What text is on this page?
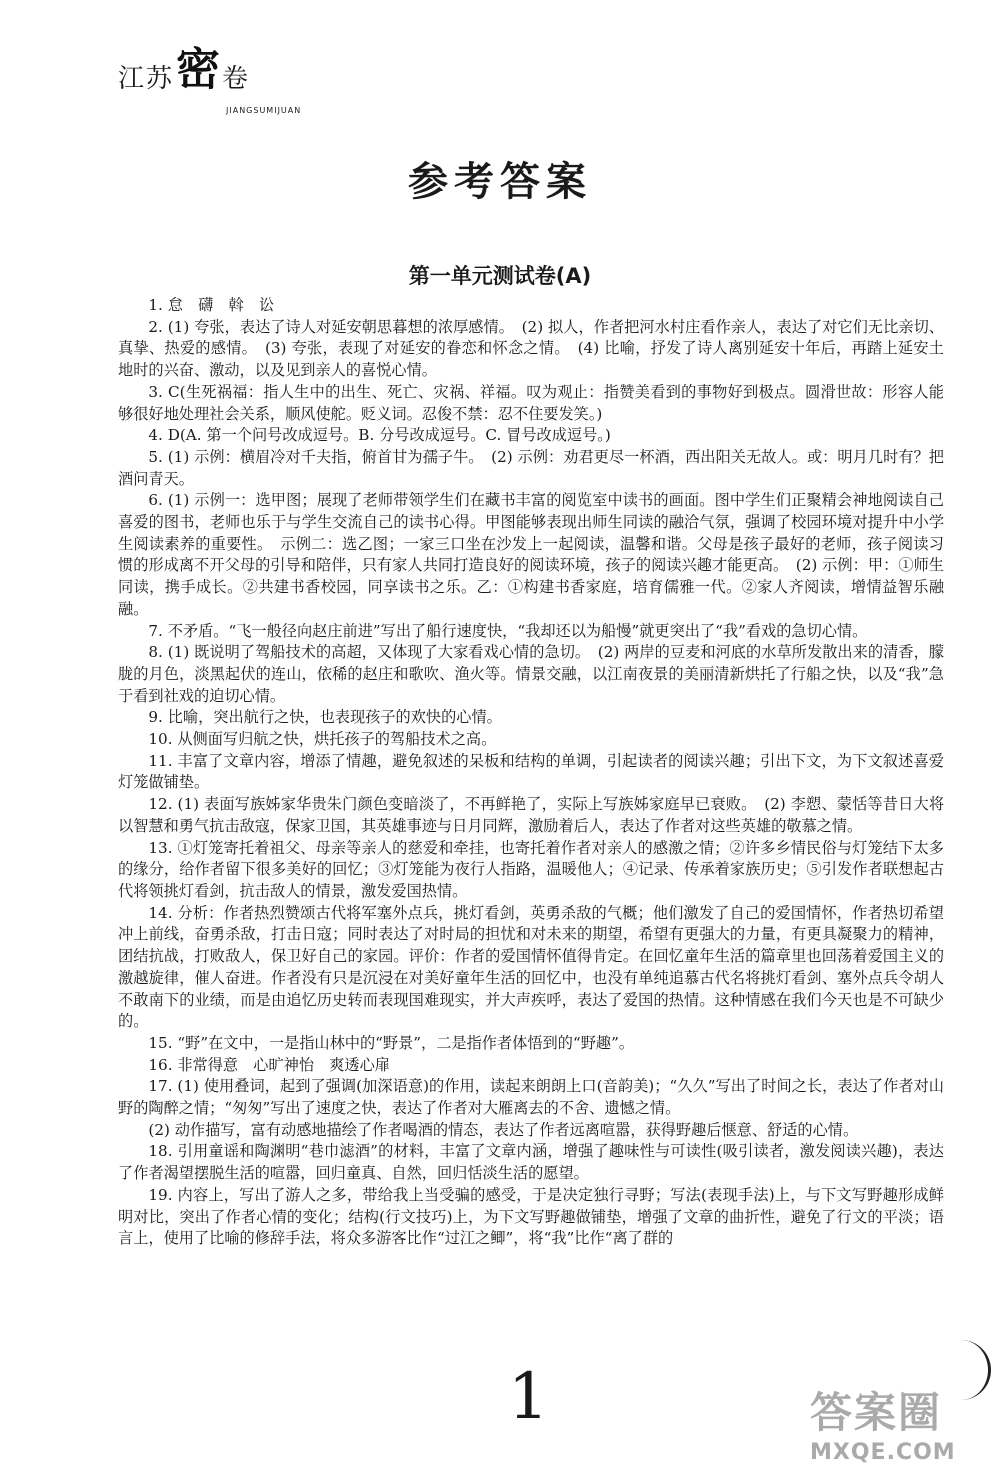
江苏 密 卷
JIANGSUMIJUAN
参考答案
第一单元测试卷(A)

1. 怠　礴　斡　讼

2. (1) 夸张，表达了诗人对延安朝思暮想的浓厚感情。　(2) 拟人，作者把河水村庄看作亲人，表达了对它们无比亲切、真挚、热爱的感情。　(3) 夸张，表现了对延安的眷恋和怀念之情。　(4) 比喻，抒发了诗人离别延安十年后，再踏上延安土地时的兴奋、激动，以及见到亲人的喜悦心情。

3. C(生死祸福：指人生中的出生、死亡、灾祸、祥福。叹为观止：指赞美看到的事物好到极点。圆滑世故：形容人能够很好地处理社会关系，顺风使舵。贬义词。忍俊不禁：忍不住要发笑。)

4. D(A. 第一个问号改成逗号。B. 分号改成逗号。C. 冒号改成逗号。)

5. (1) 示例：横眉冷对千夫指，俯首甘为孺子牛。　(2) 示例：劝君更尽一杯酒，西出阳关无故人。或：明月几时有？把酒问青天。

6. (1) 示例一：选甲图；展现了老师带领学生们在藏书丰富的阅览室中读书的画面。图中学生们正聚精会神地阅读自己喜爱的图书，老师也乐于与学生交流自己的读书心得。甲图能够表现出师生同读的融洽气氛，强调了校园环境对提升中小学生阅读素养的重要性。　示例二：选乙图；一家三口坐在沙发上一起阅读，温馨和谐。父母是孩子最好的老师，孩子阅读习惯的形成离不开父母的引导和陪伴，只有家人共同打造良好的阅读环境，孩子的阅读兴趣才能更高。　(2) 示例：甲：①师生同读，携手成长。②共建书香校园，同享读书之乐。乙：①构建书香家庭，培育儒雅一代。②家人齐阅读，增情益智乐融融。

7. 不矛盾。“飞一般径向赵庄前进”写出了船行速度快，“我却还以为船慢”就更突出了“我”看戏的急切心情。

8. (1) 既说明了驾船技术的高超，又体现了大家看戏心情的急切。　(2) 两岸的豆麦和河底的水草所发散出来的清香，朦胧的月色，淡黑起伏的连山，依稀的赵庄和歌吹、渔火等。情景交融，以江南夜景的美丽清新烘托了行船之快，以及“我”急于看到社戏的迫切心情。

9. 比喻，突出航行之快，也表现孩子的欢快的心情。

10. 从侧面写归航之快，烘托孩子的驾船技术之高。

11. 丰富了文章内容，增添了情趣，避免叙述的呆板和结构的单调，引起读者的阅读兴趣；引出下文，为下文叙述喜爱灯笼做铺垫。

12. (1) 表面写族姊家华贵朱门颜色变暗淡了，不再鲜艳了，实际上写族姊家庭早已衰败。　(2) 李愬、蒙恬等昔日大将以智慧和勇气抗击敌寇，保家卫国，其英雄事迹与日月同辉，激励着后人，表达了作者对这些英雄的敬慕之情。

13. ①灯笼寄托着祖父、母亲等亲人的慈爱和牵挂，也寄托着作者对亲人的感激之情；②许多乡情民俗与灯笼结下太多的缘分，给作者留下很多美好的回忆；③灯笼能为夜行人指路，温暖他人；④记录、传承着家族历史；⑤引发作者联想起古代将领挑灯看剑，抗击敌人的情景，激发爱国热情。

14. 分析：作者热烈赞颂古代将军塞外点兵，挑灯看剑，英勇杀敌的气概；他们激发了自己的爱国情怀，作者热切希望冲上前线，奋勇杀敌，打击日寇；同时表达了对时局的担忧和对未来的期望，希望有更强大的力量，有更具凝聚力的精神，团结抗战，打败敌人，保卫好自己的家园。评价：作者的爱国情怀值得肯定。在回忆童年生活的篇章里也回荡着爱国主义的激越旋律，催人奋进。作者没有只是沉浸在对美好童年生活的回忆中，也没有单纯追慕古代名将挑灯看剑、塞外点兵令胡人不敢南下的业绩，而是由追忆历史转而表现国难现实，并大声疾呼，表达了爱国的热情。这种情感在我们今天也是不可缺少的。

15. “野”在文中，一是指山林中的“野景”，二是指作者体悟到的“野趣”。

16. 非常得意　心旷神怡　爽透心扉

17. (1) 使用叠词，起到了强调(加深语意)的作用，读起来朗朗上口(音韵美)；“久久”写出了时间之长，表达了作者对山野的陶醉之情；“匆匆”写出了速度之快，表达了作者对大雁离去的不舍、遗憾之情。

(2) 动作描写，富有动感地描绘了作者喝酒的情态，表达了作者远离喧嚣，获得野趣后惬意、舒适的心情。

18. 引用童谣和陶渊明“巷巾滤酒”的材料，丰富了文章内涵，增强了趣味性与可读性(吸引读者，激发阅读兴趣)，表达了作者渴望摆脱生活的喧嚣，回归童真、自然，回归恬淡生活的愿望。

19. 内容上，写出了游人之多，带给我上当受骗的感受，于是决定独行寻野；写法(表现手法)上，与下文写野趣形成鲜明对比，突出了作者心情的变化；结构(行文技巧)上，为下文写野趣做铺垫，增强了文章的曲折性，避免了行文的平淡；语言上，使用了比喻的修辞手法，将众多游客比作“过江之鲫”，将“我”比作“离了群的

1	答案圈
MXQE.COM
